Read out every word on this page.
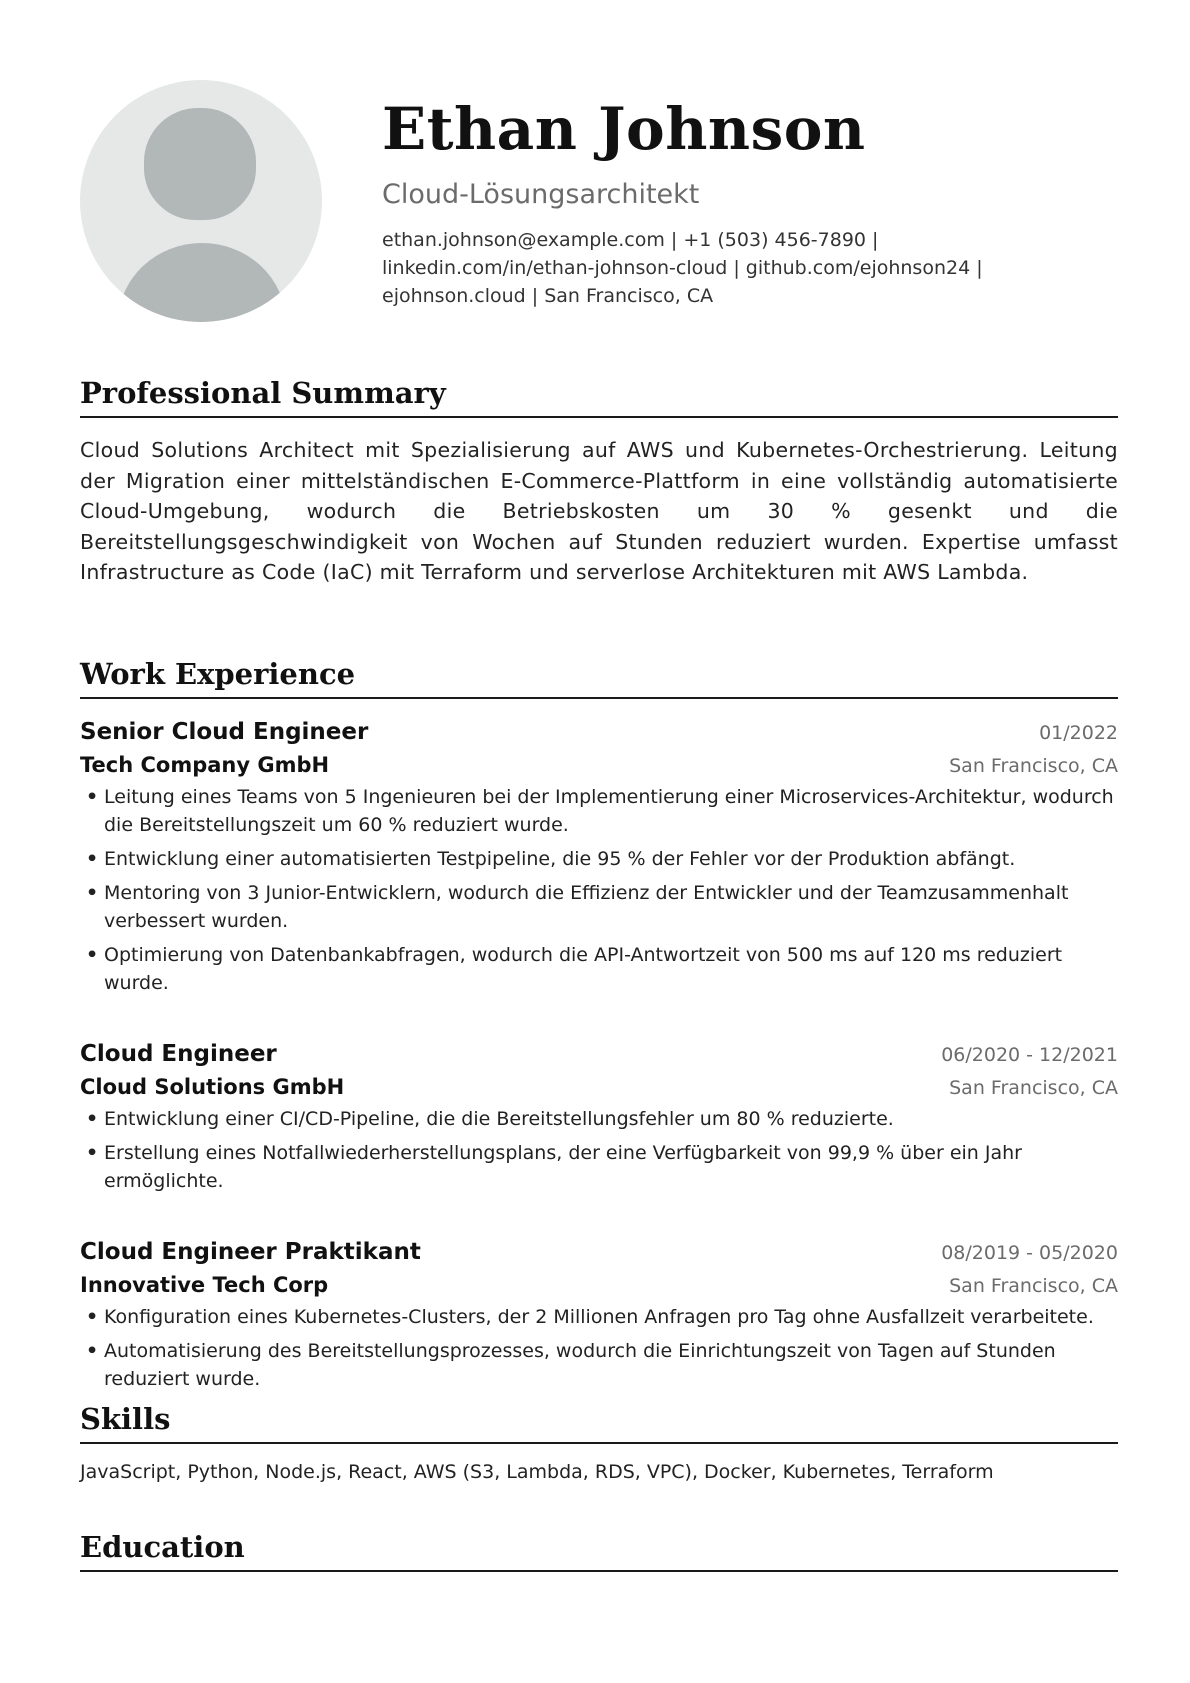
Ethan Johnson
Cloud-Lösungsarchitekt
ethan.johnson@example.com | +1 (503) 456-7890 |
linkedin.com/in/ethan-johnson-cloud | github.com/ejohnson24 |
ejohnson.cloud | San Francisco, CA
Professional Summary
Cloud Solutions Architect mit Spezialisierung auf AWS und Kubernetes-Orchestrierung. Leitung der Migration einer mittelständischen E-Commerce-Plattform in eine vollständig automatisierte Cloud-Umgebung, wodurch die Betriebskosten um 30 % gesenkt und die Bereitstellungsgeschwindigkeit von Wochen auf Stunden reduziert wurden. Expertise umfasst Infrastructure as Code (IaC) mit Terraform und serverlose Architekturen mit AWS Lambda.
Work Experience
Senior Cloud Engineer	01/2022
Tech Company GmbH	San Francisco, CA
• Leitung eines Teams von 5 Ingenieuren bei der Implementierung einer Microservices-Architektur, wodurch die Bereitstellungszeit um 60 % reduziert wurde.
• Entwicklung einer automatisierten Testpipeline, die 95 % der Fehler vor der Produktion abfängt.
• Mentoring von 3 Junior-Entwicklern, wodurch die Effizienz der Entwickler und der Teamzusammenhalt verbessert wurden.
• Optimierung von Datenbankabfragen, wodurch die API-Antwortzeit von 500 ms auf 120 ms reduziert wurde.
Cloud Engineer	06/2020 - 12/2021
Cloud Solutions GmbH	San Francisco, CA
• Entwicklung einer CI/CD-Pipeline, die die Bereitstellungsfehler um 80 % reduzierte.
• Erstellung eines Notfallwiederherstellungsplans, der eine Verfügbarkeit von 99,9 % über ein Jahr ermöglichte.
Cloud Engineer Praktikant	08/2019 - 05/2020
Innovative Tech Corp	San Francisco, CA
• Konfiguration eines Kubernetes-Clusters, der 2 Millionen Anfragen pro Tag ohne Ausfallzeit verarbeitete.
• Automatisierung des Bereitstellungsprozesses, wodurch die Einrichtungszeit von Tagen auf Stunden reduziert wurde.
Skills
JavaScript, Python, Node.js, React, AWS (S3, Lambda, RDS, VPC), Docker, Kubernetes, Terraform
Education
